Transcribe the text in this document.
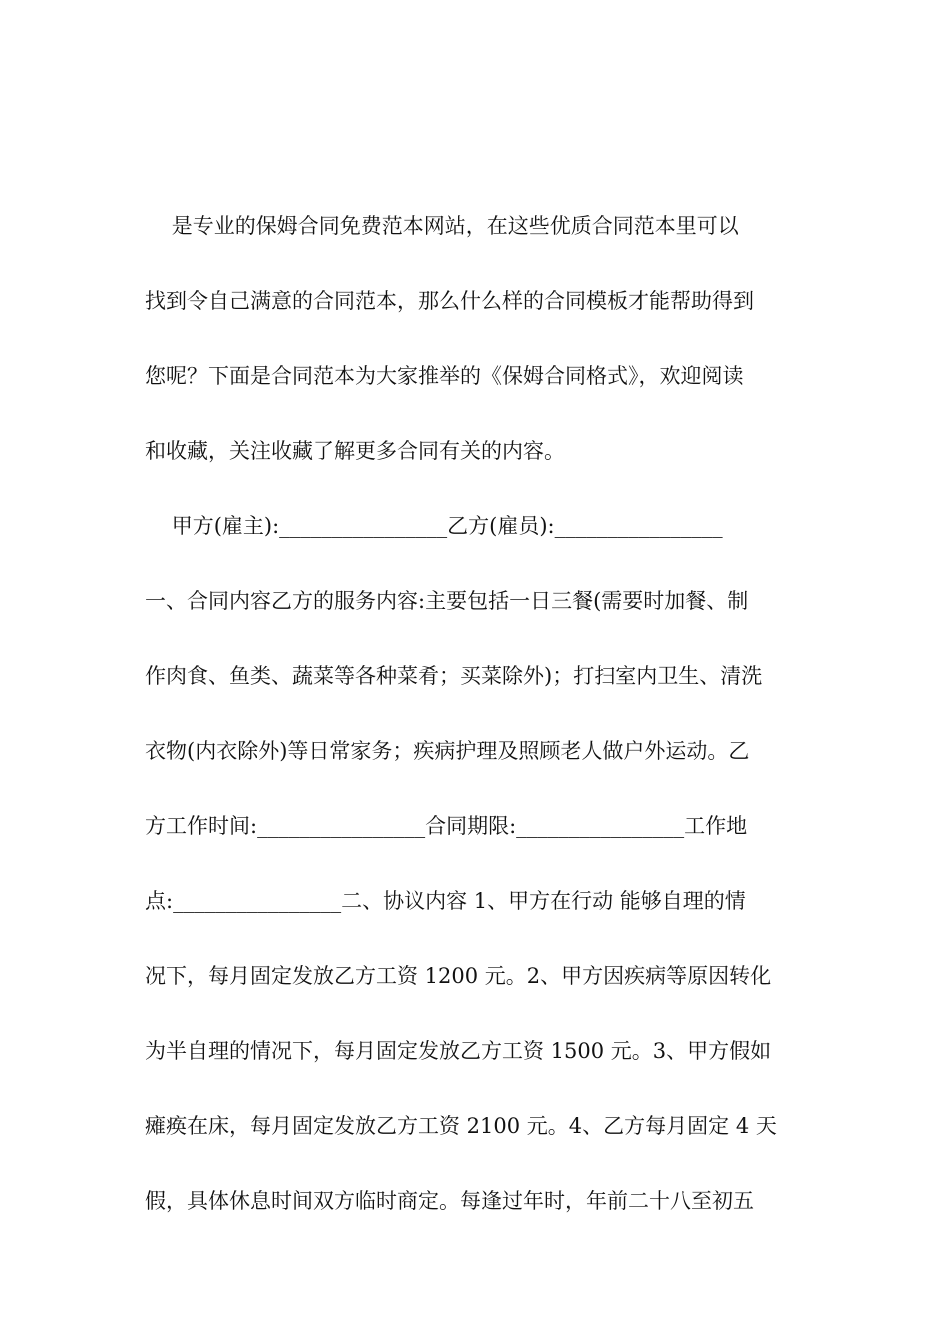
是专业的保姆合同免费范本网站，在这些优质合同范本里可以
找到令自己满意的合同范本，那么什么样的合同模板才能帮助得到
您呢？下面是合同范本为大家推举的《保姆合同格式》，欢迎阅读
和收藏，关注收藏了解更多合同有关的内容。
甲方(雇主):________________乙方(雇员):________________
一、合同内容乙方的服务内容:主要包括一日三餐(需要时加餐、制
作肉食、鱼类、蔬菜等各种菜肴；买菜除外)；打扫室内卫生、清洗
衣物(内衣除外)等日常家务；疾病护理及照顾老人做户外运动。乙
方工作时间:________________合同期限:________________工作地
点:________________二、协议内容 1、甲方在行动 能够自理的情
况下，每月固定发放乙方工资 1200 元。2、甲方因疾病等原因转化
为半自理的情况下，每月固定发放乙方工资 1500 元。3、甲方假如
瘫痪在床，每月固定发放乙方工资 2100 元。4、乙方每月固定 4 天
假，具体休息时间双方临时商定。每逢过年时，年前二十八至初五
